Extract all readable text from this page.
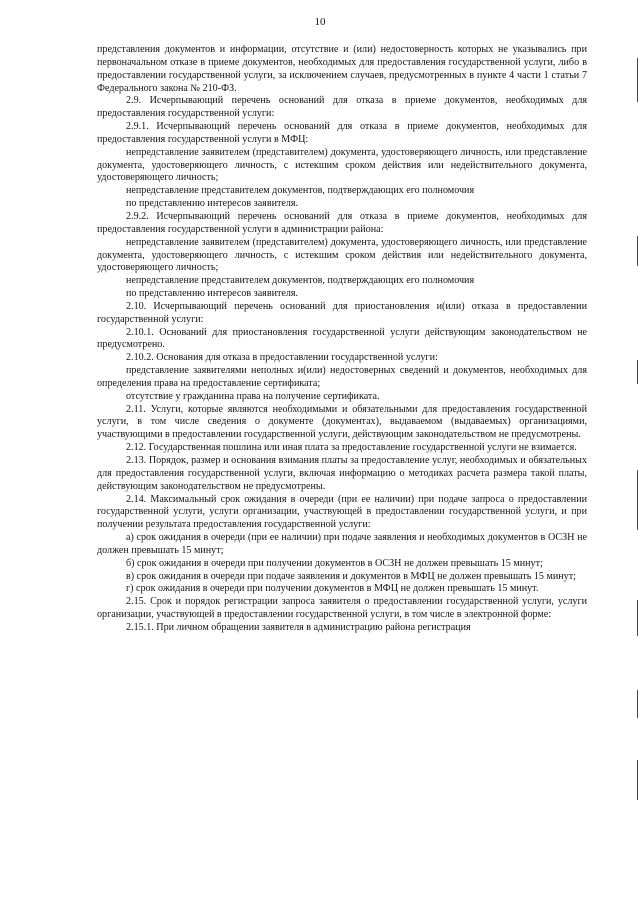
10

представления документов и информации, отсутствие и (или) недостоверность которых не указывались при первоначальном отказе в приеме документов, необходимых для предоставления государственной услуги, либо в предоставлении государственной услуги, за исключением случаев, предусмотренных в пункте 4 части 1 статьи 7 Федерального закона № 210-ФЗ.

2.9. Исчерпывающий перечень оснований для отказа в приеме документов, необходимых для предоставления государственной услуги:

2.9.1. Исчерпывающий перечень оснований для отказа в приеме документов, необходимых для предоставления государственной услуги в МФЦ:

непредставление заявителем (представителем) документа, удостоверяющего личность, или представление документа, удостоверяющего личность, с истекшим сроком действия или недействительного документа, удостоверяющего личность;

непредставление представителем документов, подтверждающих его полномочия

по представлению интересов заявителя.

2.9.2. Исчерпывающий перечень оснований для отказа в приеме документов, необходимых для предоставления государственной услуги в администрации района:

непредставление заявителем (представителем) документа, удостоверяющего личность, или представление документа, удостоверяющего личность, с истекшим сроком действия или недействительного документа, удостоверяющего личность;

непредставление представителем документов, подтверждающих его полномочия

по представлению интересов заявителя.

2.10. Исчерпывающий перечень оснований для приостановления и(или) отказа в предоставлении государственной услуги:

2.10.1. Оснований для приостановления государственной услуги действующим законодательством не предусмотрено.

2.10.2. Основания для отказа в предоставлении государственной услуги:

представление заявителями неполных и(или) недостоверных сведений и документов, необходимых для определения права на предоставление сертификата;

отсутствие у гражданина права на получение сертификата.

2.11. Услуги, которые являются необходимыми и обязательными для предоставления государственной услуги, в том числе сведения о документе (документах), выдаваемом (выдаваемых) организациями, участвующими в предоставлении государственной услуги, действующим законодательством не предусмотрены.

2.12. Государственная пошлина или иная плата за предоставление государственной услуги не взимается.

2.13. Порядок, размер и основания взимания платы за предоставление услуг, необходимых и обязательных для предоставления государственной услуги, включая информацию о методиках расчета размера такой платы, действующим законодательством не предусмотрены.

2.14. Максимальный срок ожидания в очереди (при ее наличии) при подаче запроса о предоставлении государственной услуги, услуги организации, участвующей в предоставлении государственной услуги, и при получении результата предоставления государственной услуги:

а) срок ожидания в очереди (при ее наличии) при подаче заявления и необходимых документов в ОСЗН не должен превышать 15 минут;

б) срок ожидания в очереди при получении документов в ОСЗН не должен превышать 15 минут;

в) срок ожидания в очереди при подаче заявления и документов в МФЦ не должен превышать 15 минут;

г) срок ожидания в очереди при получении документов в МФЦ не должен превышать 15 минут.

2.15. Срок и порядок регистрации запроса заявителя о предоставлении государственной услуги, услуги организации, участвующей в предоставлении государственной услуги, в том числе в электронной форме:

2.15.1. При личном обращении заявителя в администрацию района регистрация
